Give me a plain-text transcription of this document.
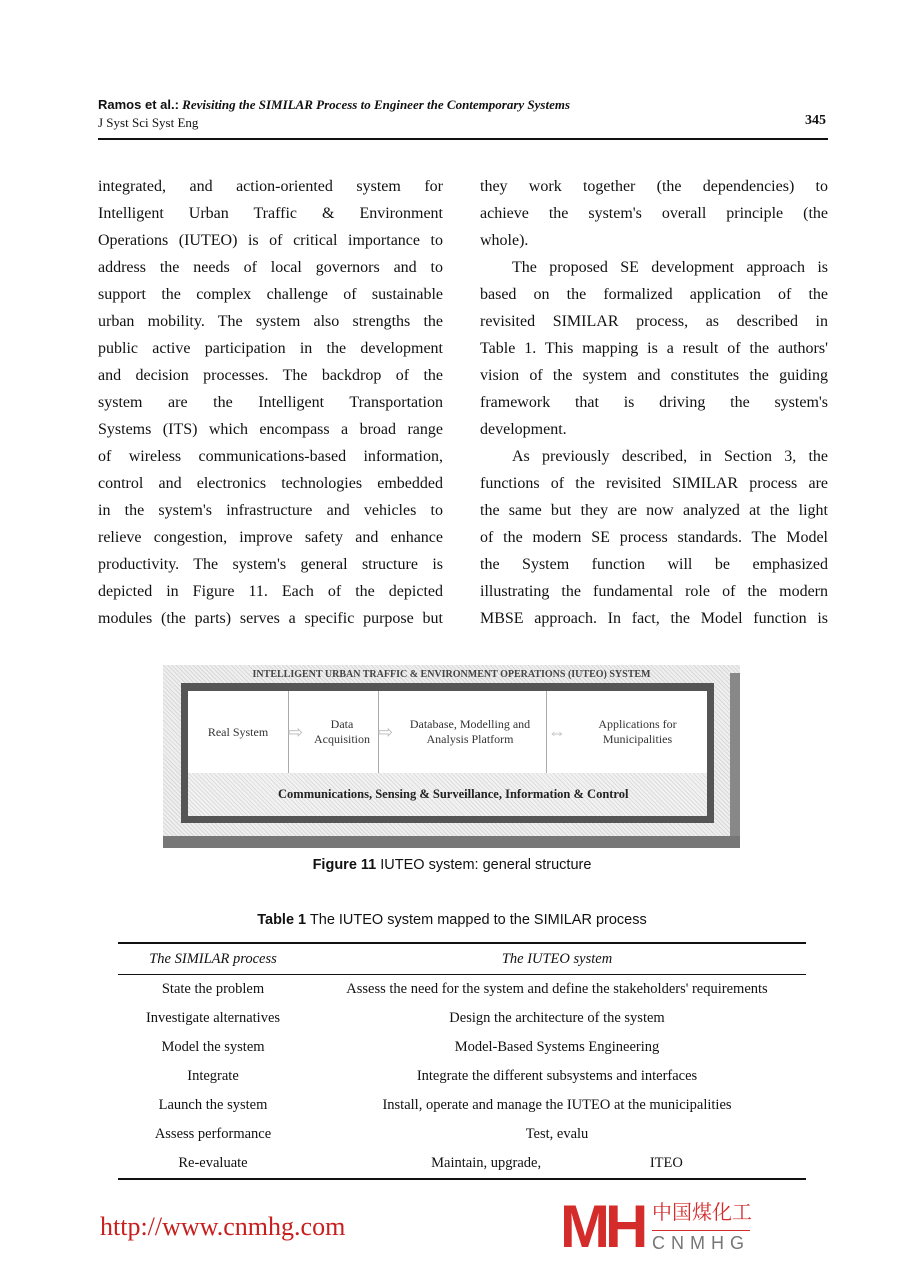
Ramos et al.: Revisiting the SIMILAR Process to Engineer the Contemporary Systems
J Syst Sci Syst Eng	345
integrated, and action-oriented system for
Intelligent Urban Traffic & Environment
Operations (IUTEO) is of critical importance to
address the needs of local governors and to
support the complex challenge of sustainable
urban mobility. The system also strengths the
public active participation in the development
and decision processes. The backdrop of the
system are the Intelligent Transportation
Systems (ITS) which encompass a broad range
of wireless communications-based information,
control and electronics technologies embedded
in the system's infrastructure and vehicles to
relieve congestion, improve safety and enhance
productivity. The system's general structure is
depicted in Figure 11. Each of the depicted
modules (the parts) serves a specific purpose but
they work together (the dependencies) to
achieve the system's overall principle (the
whole).
The proposed SE development approach is
based on the formalized application of the
revisited SIMILAR process, as described in
Table 1. This mapping is a result of the authors'
vision of the system and constitutes the guiding
framework that is driving the system's
development.
As previously described, in Section 3, the
functions of the revisited SIMILAR process are
the same but they are now analyzed at the light
of the modern SE process standards. The Model
the System function will be emphasized
illustrating the fundamental role of the modern
MBSE approach. In fact, the Model function is
INTELLIGENT URBAN TRAFFIC & ENVIRONMENT OPERATIONS (IUTEO) SYSTEM
Real System
Data Acquisition
Database, Modelling and Analysis Platform
Applications for Municipalities
⇨	⇨	⇔
Communications, Sensing & Surveillance, Information & Control
Figure 11 IUTEO system: general structure
Table 1 The IUTEO system mapped to the SIMILAR process
The SIMILAR process	The IUTEO system
State the problem	Assess the need for the system and define the stakeholders' requirements
Investigate alternatives	Design the architecture of the system
Model the system	Model-Based Systems Engineering
Integrate	Integrate the different subsystems and interfaces
Launch the system	Install, operate and manage the IUTEO at the municipalities
Assess performance	Test, evalu
Re-evaluate	Maintain, upgrade,                              ITEO
http://www.cnmhg.com	MH 中国煤化工
CNMHG
